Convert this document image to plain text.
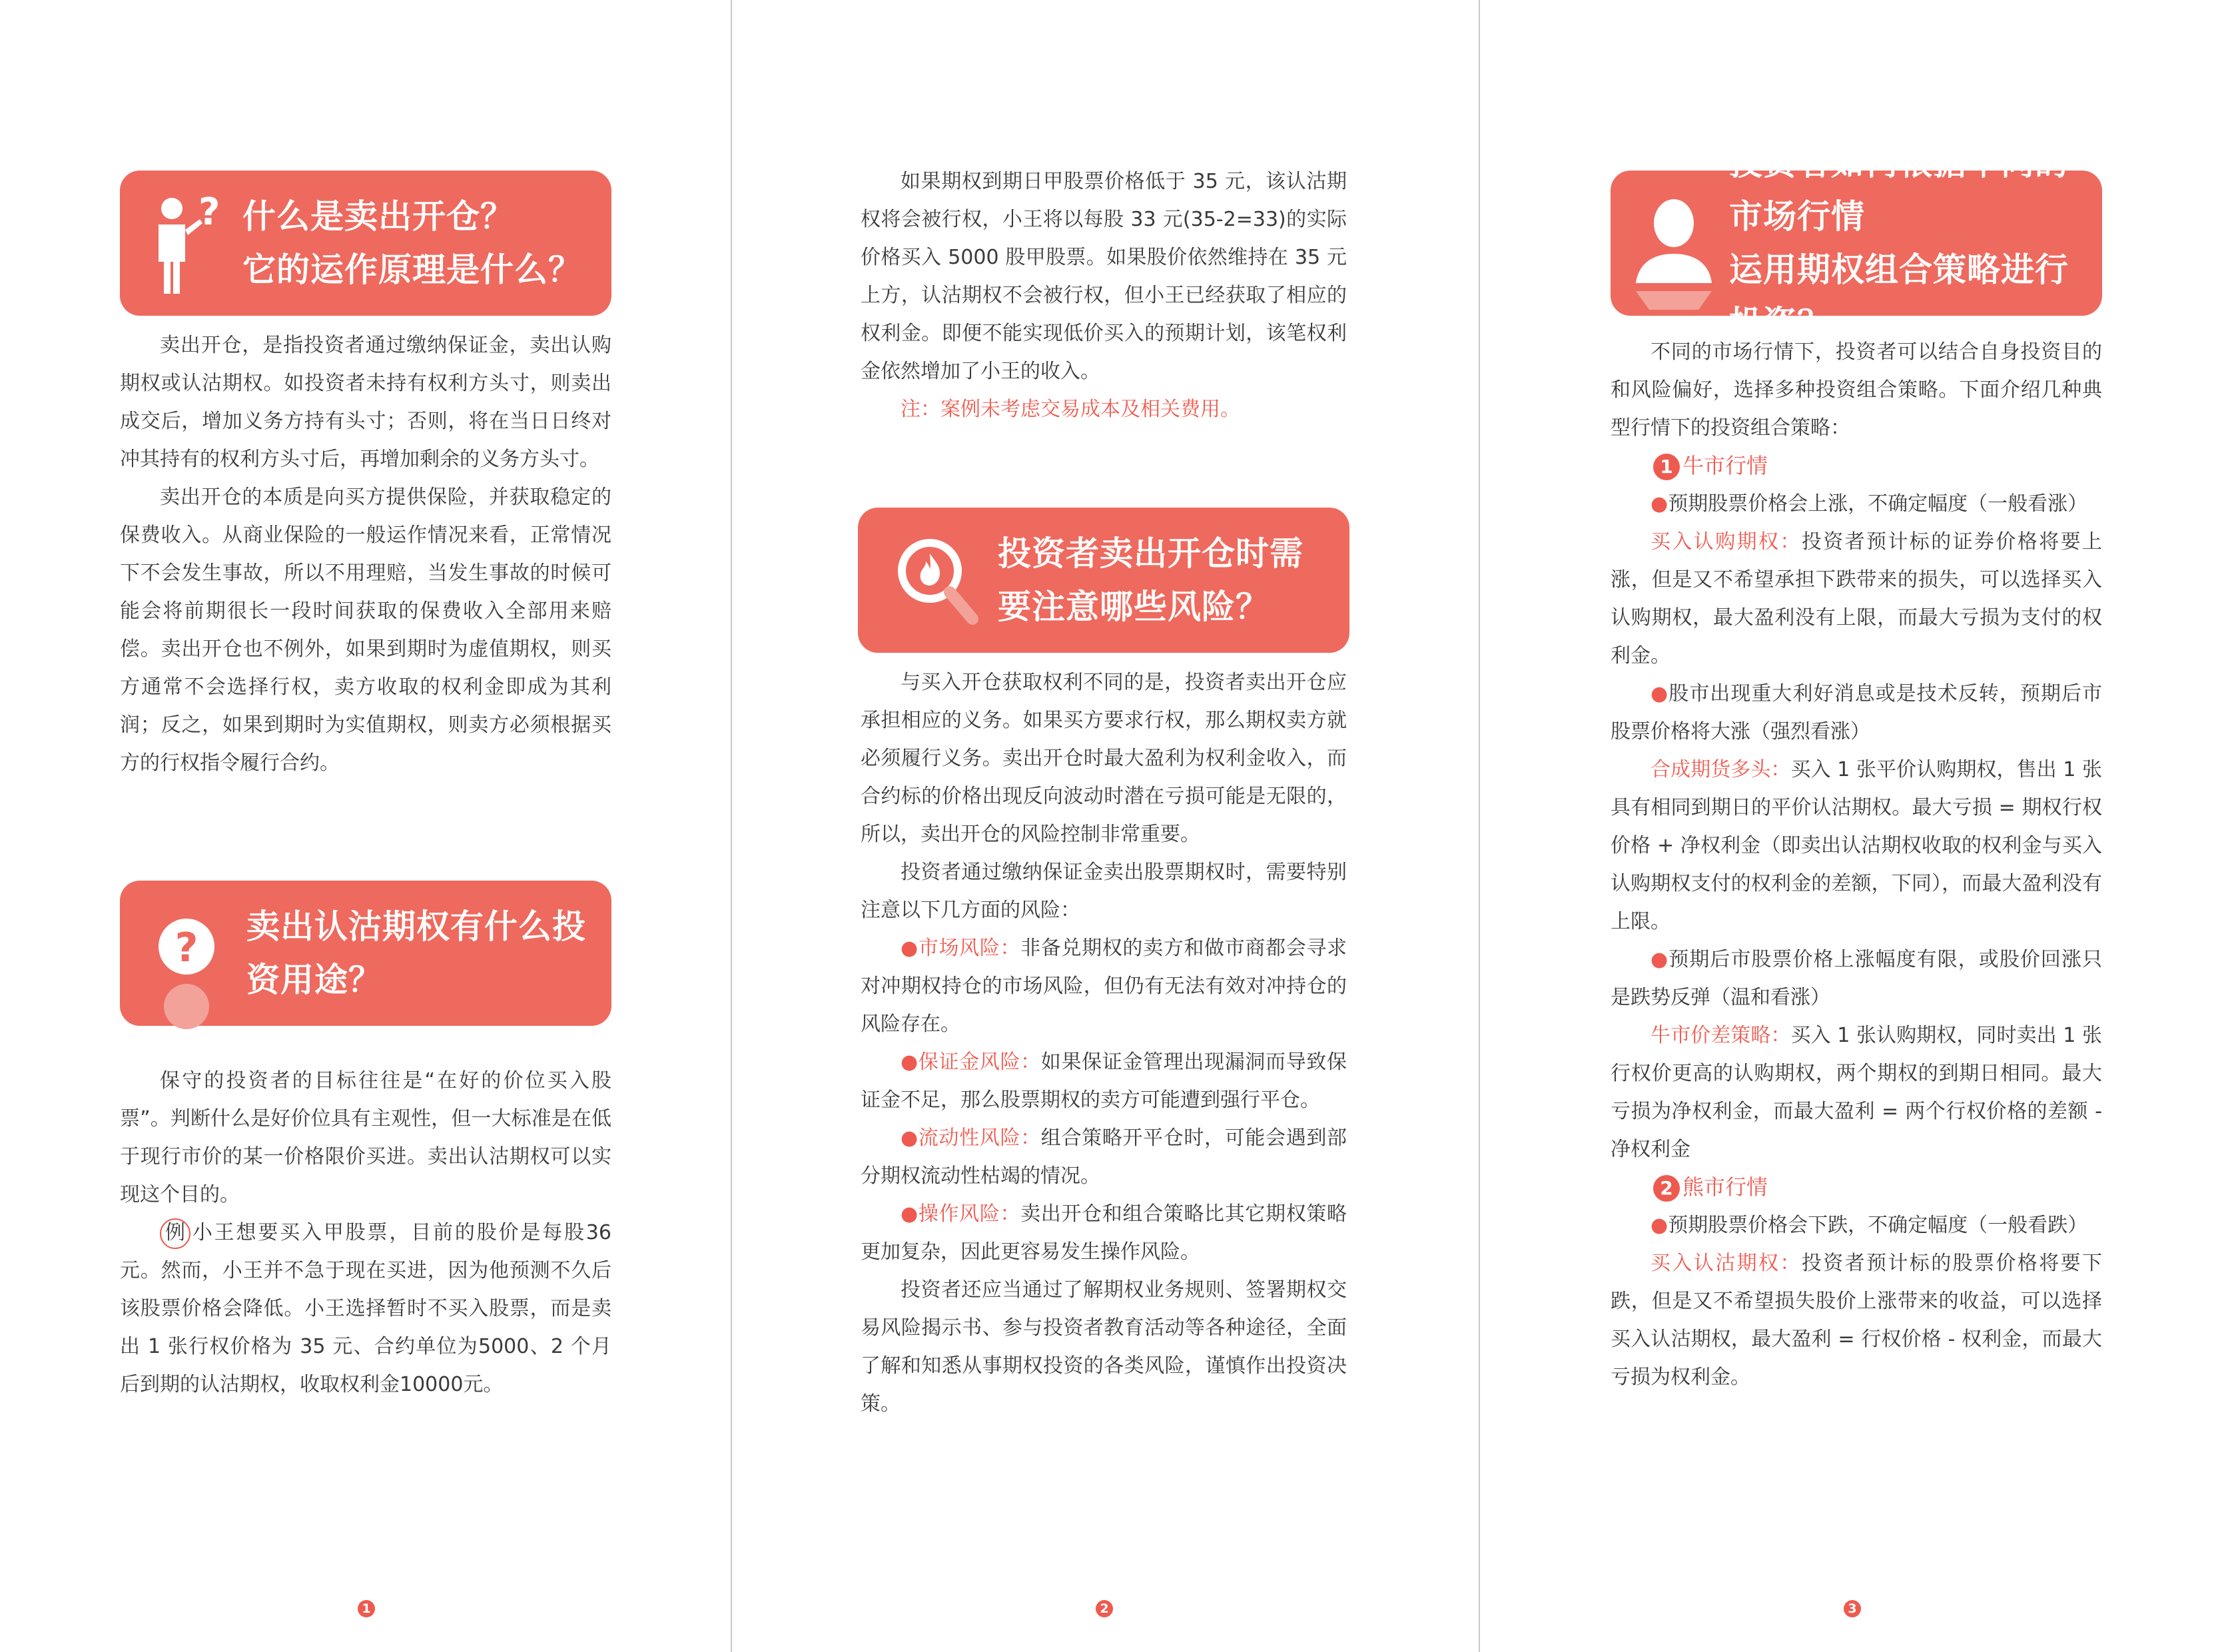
? 什么是卖出开仓？
它的运作原理是什么？

卖出开仓，是指投资者通过缴纳保证金，卖出认购期权或认沽期权。如投资者未持有权利方头寸，则卖出成交后，增加义务方持有头寸；否则，将在当日日终对冲其持有的权利方头寸后，再增加剩余的义务方头寸。

卖出开仓的本质是向买方提供保险，并获取稳定的保费收入。从商业保险的一般运作情况来看，正常情况下不会发生事故，所以不用理赔，当发生事故的时候可能会将前期很长一段时间获取的保费收入全部用来赔偿。卖出开仓也不例外，如果到期时为虚值期权，则买方通常不会选择行权，卖方收取的权利金即成为其利润；反之，如果到期时为实值期权，则卖方必须根据买方的行权指令履行合约。

? 卖出认沽期权有什么投
资用途？

保守的投资者的目标往往是“在好的价位买入股票”。判断什么是好价位具有主观性，但一大标准是在低于现行市价的某一价格限价买进。卖出认沽期权可以实现这个目的。

例 小王想要买入甲股票，目前的股价是每股36元。然而，小王并不急于现在买进，因为他预测不久后该股票价格会降低。小王选择暂时不买入股票，而是卖出 1 张行权价格为 35 元、合约单位为5000、2 个月后到期的认沽期权，收取权利金10000元。

1

如果期权到期日甲股票价格低于 35 元，该认沽期权将会被行权，小王将以每股 33 元(35-2=33)的实际价格买入 5000 股甲股票。如果股价依然维持在 35 元上方，认沽期权不会被行权，但小王已经获取了相应的权利金。即便不能实现低价买入的预期计划，该笔权利金依然增加了小王的收入。

注：案例未考虑交易成本及相关费用。

投资者卖出开仓时需
要注意哪些风险？

与买入开仓获取权利不同的是，投资者卖出开仓应承担相应的义务。如果买方要求行权，那么期权卖方就必须履行义务。卖出开仓时最大盈利为权利金收入，而合约标的价格出现反向波动时潜在亏损可能是无限的，所以，卖出开仓的风险控制非常重要。

投资者通过缴纳保证金卖出股票期权时，需要特别注意以下几方面的风险：

●市场风险：非备兑期权的卖方和做市商都会寻求对冲期权持仓的市场风险，但仍有无法有效对冲持仓的风险存在。

●保证金风险：如果保证金管理出现漏洞而导致保证金不足，那么股票期权的卖方可能遭到强行平仓。

●流动性风险：组合策略开平仓时，可能会遇到部分期权流动性枯竭的情况。

●操作风险：卖出开仓和组合策略比其它期权策略更加复杂，因此更容易发生操作风险。

投资者还应当通过了解期权业务规则、签署期权交易风险揭示书、参与投资者教育活动等各种途径，全面了解和知悉从事期权投资的各类风险，谨慎作出投资决策。

2
投资者如何根据不同的市场行情
运用期权组合策略进行投资？

不同的市场行情下，投资者可以结合自身投资目的和风险偏好，选择多种投资组合策略。下面介绍几种典型行情下的投资组合策略：

1 牛市行情

●预期股票价格会上涨，不确定幅度（一般看涨）

买入认购期权：投资者预计标的证券价格将要上涨，但是又不希望承担下跌带来的损失，可以选择买入认购期权，最大盈利没有上限，而最大亏损为支付的权利金。

●股市出现重大利好消息或是技术反转，预期后市股票价格将大涨（强烈看涨）

合成期货多头：买入 1 张平价认购期权，售出 1 张具有相同到期日的平价认沽期权。最大亏损 = 期权行权价格 + 净权利金（即卖出认沽期权收取的权利金与买入认购期权支付的权利金的差额，下同），而最大盈利没有上限。

●预期后市股票价格上涨幅度有限，或股价回涨只是跌势反弹（温和看涨）

牛市价差策略：买入 1 张认购期权，同时卖出 1 张行权价更高的认购期权，两个期权的到期日相同。最大亏损为净权利金，而最大盈利 = 两个行权价格的差额 - 净权利金

2 熊市行情

●预期股票价格会下跌，不确定幅度（一般看跌）

买入认沽期权：投资者预计标的股票价格将要下跌，但是又不希望损失股价上涨带来的收益，可以选择买入认沽期权，最大盈利 = 行权价格 - 权利金，而最大亏损为权利金。

3
